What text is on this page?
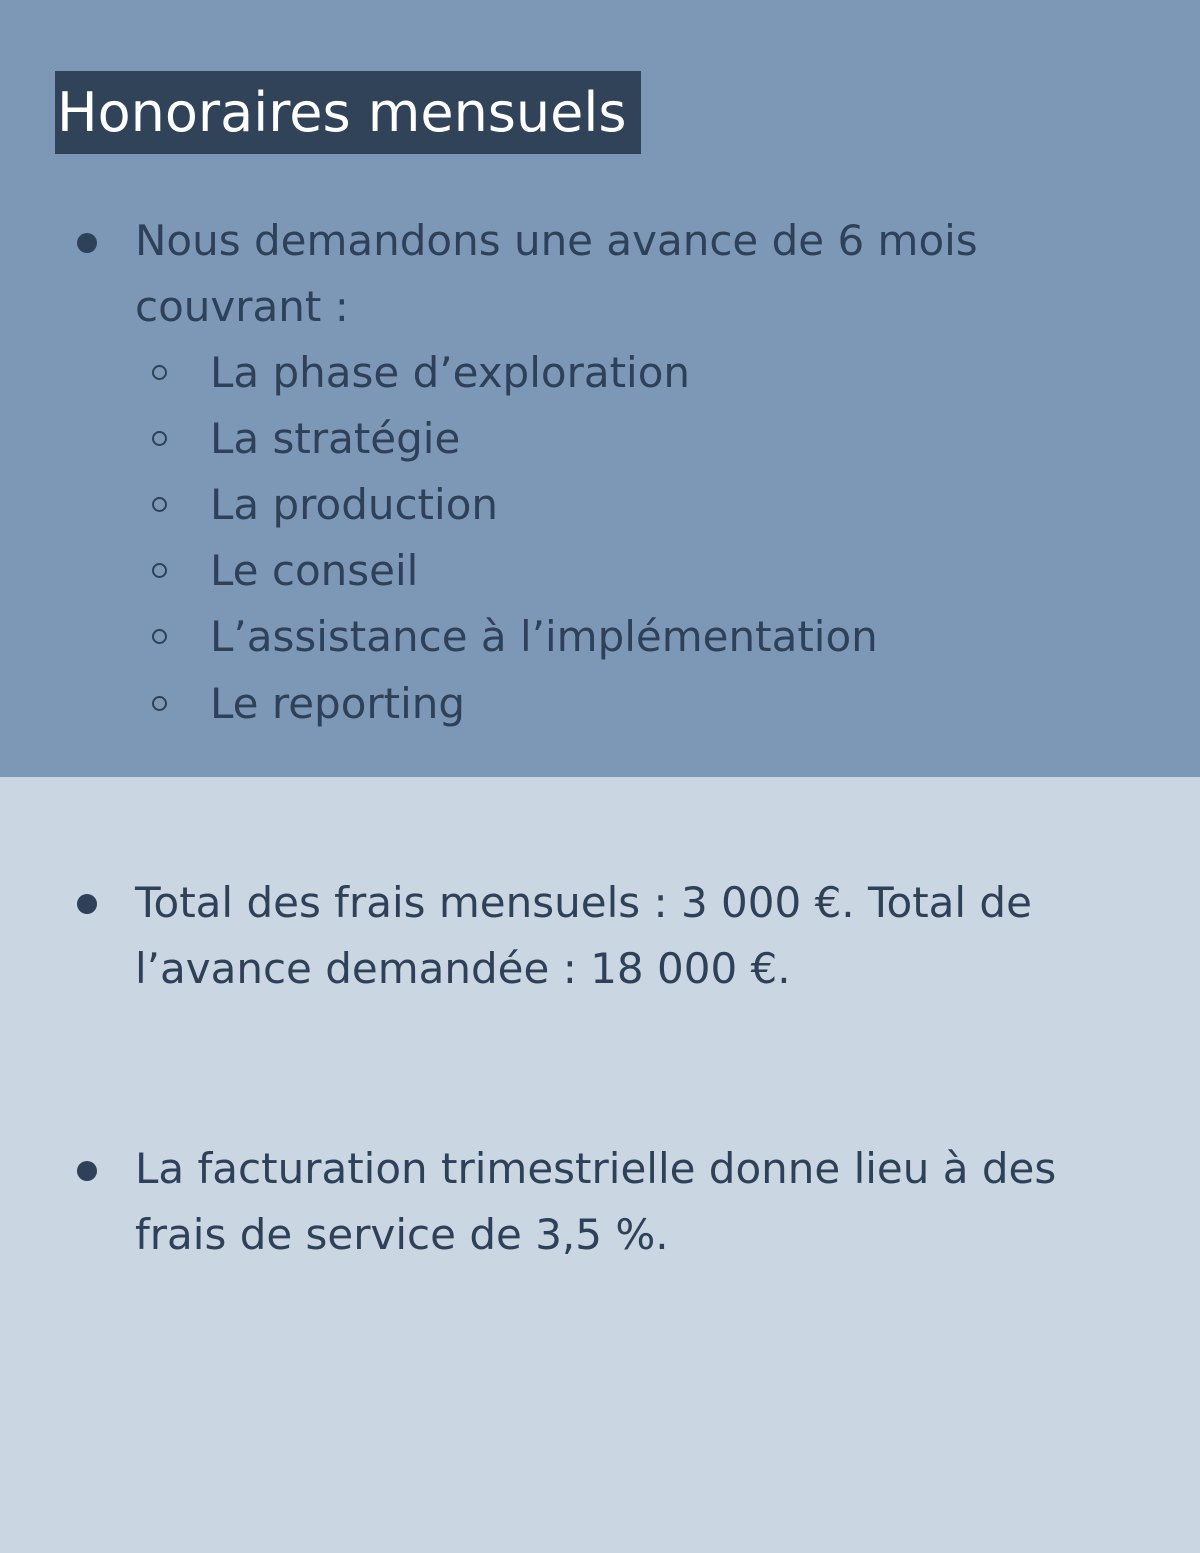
Honoraires mensuels
Nous demandons une avance de 6 mois
couvrant :
La phase d’exploration
La stratégie
La production
Le conseil
L’assistance à l’implémentation
Le reporting
Total des frais mensuels : 3 000 €. Total de
l’avance demandée : 18 000 €.
La facturation trimestrielle donne lieu à des
frais de service de 3,5 %.
